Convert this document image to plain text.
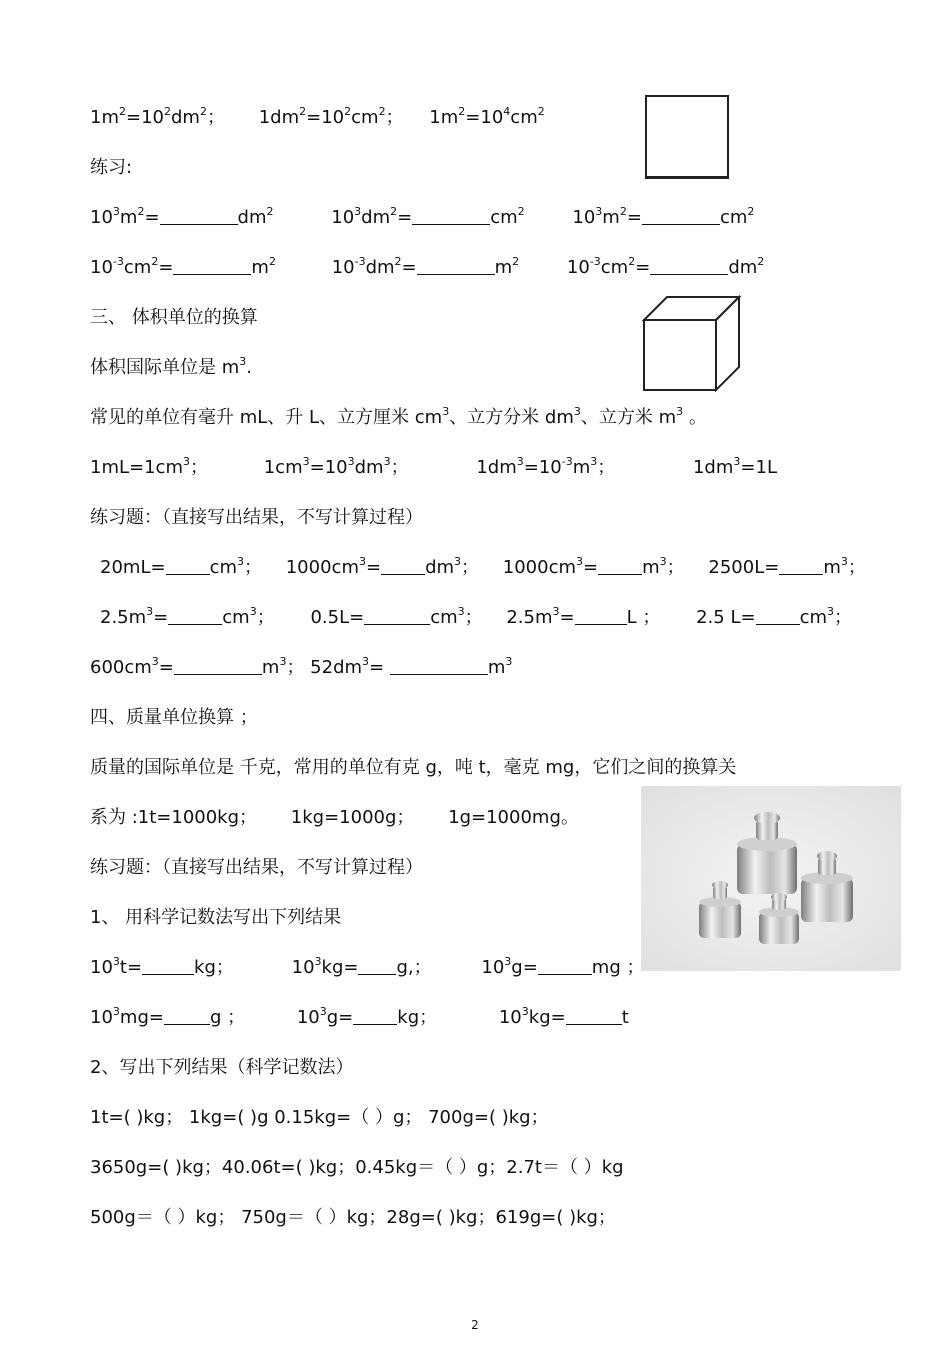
$1m^2=10^2dm^2$； $1dm^2=10^2cm^2$； $1m^2=10^4cm^2$
练习:
$10^3m^2=$	$dm^2$	$10^3dm^2=$	$cm^2$	$10^3m^2=$	$cm^2$
$10^{-3}cm^2=$	$m^2$	$10^{-3}dm^2=$	$m^2$	$10^{-3}cm^2=$	$dm^2$
三、 体积单位的换算
体积国际单位是 $m^3$.
常见的单位有毫升 mL、升 L、立方厘米 $cm^3$、立方分米 $dm^3$、立方米 $m^3$ 。
$1mL=1cm^3$；	$1cm^3=10^3dm^3$；	$1dm^3=10^{-3}m^3$；	$1dm^3=1L$
练习题：（直接写出结果，不写计算过程）
$20mL= cm^3$； $1000cm^3= dm^3$； $1000cm^3= m^3$； $2500L= m^3$；
$2.5m^3=$	$cm^3$； 0.5L=	$cm^3$； $2.5m^3=$	L ； 2.5 $L= cm^3$；
$600cm^3=$	$m^3$； $52dm^3=$	$m^3$
四、质量单位换算 ；
质量的国际单位是 千克，常用的单位有克 g，吨 t，毫克 mg，它们之间的换算关
系为 :1t=1000kg； 1kg=1000g； 1g=1000mg。
练习题：（直接写出结果，不写计算过程）
1、 用科学记数法写出下列结果
$10^3t=$	kg；	$10^3kg= g$,；	$10^3g=$	mg ；
$10^3mg=$	g ；	$10^3g=$ kg；	$10^3kg=$	t
2、写出下列结果（科学记数法）
1t=( )kg； 1kg=( )g 0.15kg=（ ）g； 700g=( )kg；
3650g=( )kg；40.06t=( )kg；0.45kg＝（ ）g；2.7t＝（ ）kg
500g＝（ ）kg； 750g＝（ ）kg；28g=( )kg；619g=( )kg；
2
